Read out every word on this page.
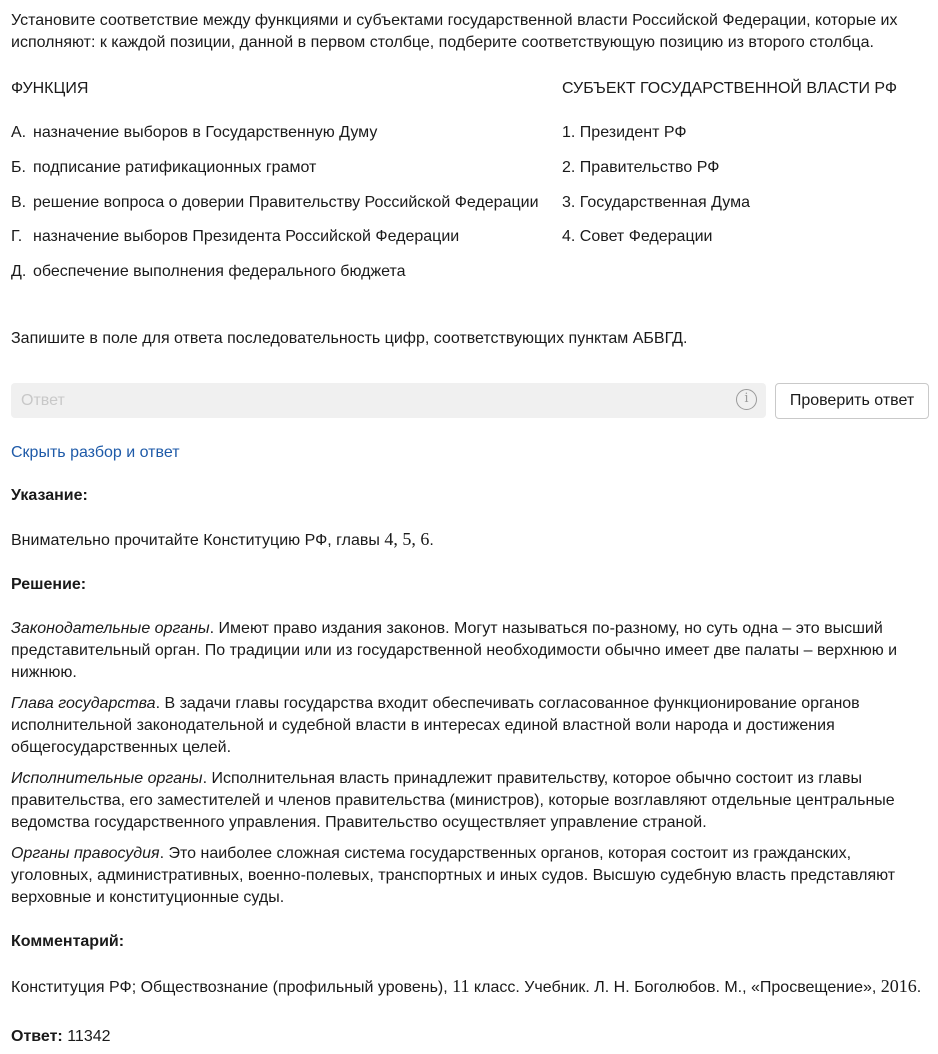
Установите соответствие между функциями и субъектами государственной власти Российской Федерации, которые их исполняют: к каждой позиции, данной в первом столбце, подберите соответствующую позицию из второго столбца.

ФУНКЦИЯ	СУБЪЕКТ ГОСУДАРСТВЕННОЙ ВЛАСТИ РФ
А. назначение выборов в Государственную Думу
Б. подписание ратификационных грамот
В. решение вопроса о доверии Правительству Российской Федерации
Г. назначение выборов Президента Российской Федерации
Д. обеспечение выполнения федерального бюджета
1. Президент РФ
2. Правительство РФ
3. Государственная Дума
4. Совет Федерации
Запишите в поле для ответа последовательность цифр, соответствующих пунктам АБВГД.
Ответ
i	Проверить ответ
Скрыть разбор и ответ
Указание:
Внимательно прочитайте Конституцию РФ, главы 4, 5, 6.
Решение:

Законодательные органы. Имеют право издания законов. Могут называться по-разному, но суть одна – это высший представительный орган. По традиции или из государственной необходимости обычно имеет две палаты – верхнюю и нижнюю.

Глава государства. В задачи главы государства входит обеспечивать согласованное функционирование органов исполнительной законодательной и судебной власти в интересах единой властной воли народа и достижения общегосударственных целей.

Исполнительные органы. Исполнительная власть принадлежит правительству, которое обычно состоит из главы правительства, его заместителей и членов правительства (министров), которые возглавляют отдельные центральные ведомства государственного управления. Правительство осуществляет управление страной.

Органы правосудия. Это наиболее сложная система государственных органов, которая состоит из гражданских, уголовных, административных, военно-полевых, транспортных и иных судов. Высшую судебную власть представляют верховные и конституционные суды.

Комментарий:
Конституция РФ; Обществознание (профильный уровень), 11 класс. Учебник. Л. Н. Боголюбов. М., «Просвещение», 2016.
Ответ: 11342
